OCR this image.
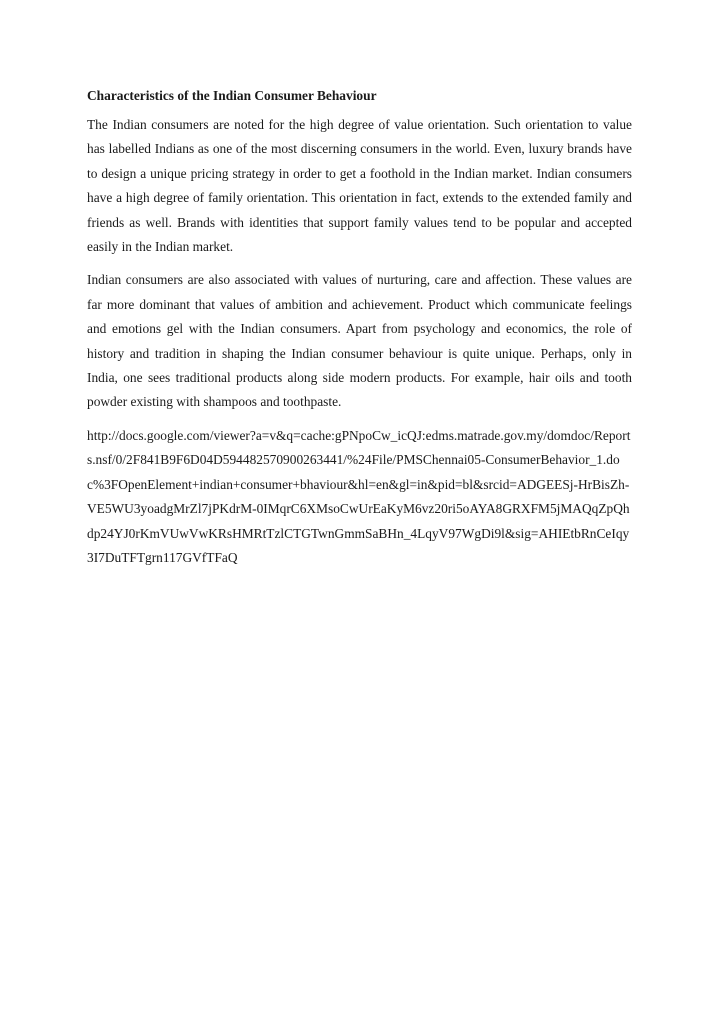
Characteristics of the Indian Consumer Behaviour

The Indian consumers are noted for the high degree of value orientation. Such orientation to value has labelled Indians as one of the most discerning consumers in the world. Even, luxury brands have to design a unique pricing strategy in order to get a foothold in the Indian market. Indian consumers have a high degree of family orientation. This orientation in fact, extends to the extended family and friends as well. Brands with identities that support family values tend to be popular and accepted easily in the Indian market.

Indian consumers are also associated with values of nurturing, care and affection. These values are far more dominant that values of ambition and achievement. Product which communicate feelings and emotions gel with the Indian consumers. Apart from psychology and economics, the role of history and tradition in shaping the Indian consumer behaviour is quite unique. Perhaps, only in India, one sees traditional products along side modern products. For example, hair oils and tooth powder existing with shampoos and toothpaste.

http://docs.google.com/viewer?a=v&q=cache:gPNpoCw_icQJ:edms.matrade.gov.my/domdoc/Reports.nsf/0/2F841B9F6D04D594482570900263441/%24File/PMSChennai05-ConsumerBehavior_1.doc%3FOpenElement+indian+consumer+bhaviour&hl=en&gl=in&pid=bl&srcid=ADGEESj-HrBisZh-VE5WU3yoadgMrZl7jPKdrM-0IMqrC6XMsoCwUrEaKyM6vz20ri5oAYA8GRXFM5jMAQqZpQhdp24YJ0rKmVUwVwKRsHMRtTzlCTGTwnGmmSaBHn_4LqyV97WgDi9l&sig=AHIEtbRnCeIqy3I7DuTFTgrn117GVfTFaQ
